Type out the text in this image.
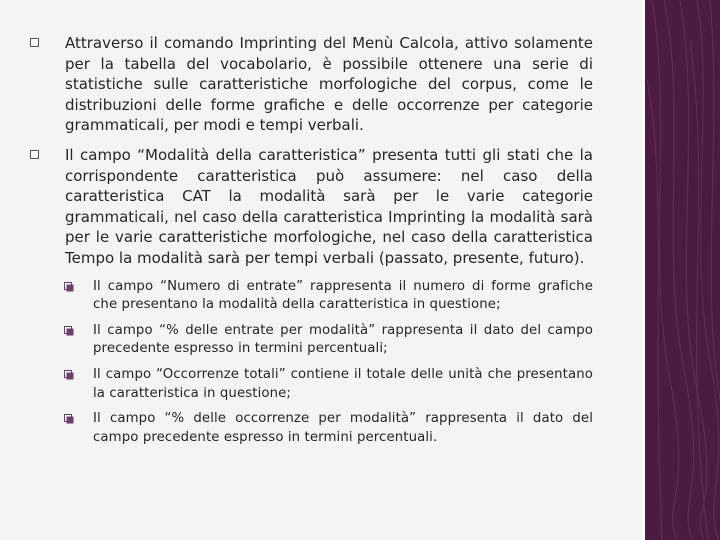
Attraverso il comando Imprinting del Menù Calcola, attivo solamente per la tabella del vocabolario, è possibile ottenere una serie di statistiche sulle caratteristiche morfologiche del corpus, come le distribuzioni delle forme grafiche e delle occorrenze per categorie grammaticali, per modi e tempi verbali.
Il campo “Modalità della caratteristica” presenta tutti gli stati che la corrispondente caratteristica può assumere: nel caso della caratteristica CAT la modalità sarà per le varie categorie grammaticali, nel caso della caratteristica Imprinting la modalità sarà per le varie caratteristiche morfologiche, nel caso della caratteristica Tempo la modalità sarà per tempi verbali (passato, presente, futuro).
Il campo “Numero di entrate” rappresenta il numero di forme grafiche che presentano la modalità della caratteristica in questione;
Il campo “% delle entrate per modalità” rappresenta il dato del campo precedente espresso in termini percentuali;
Il campo “Occorrenze totali” contiene il totale delle unità che presentano la caratteristica in questione;
Il campo “% delle occorrenze per modalità” rappresenta il dato del campo precedente espresso in termini percentuali.
